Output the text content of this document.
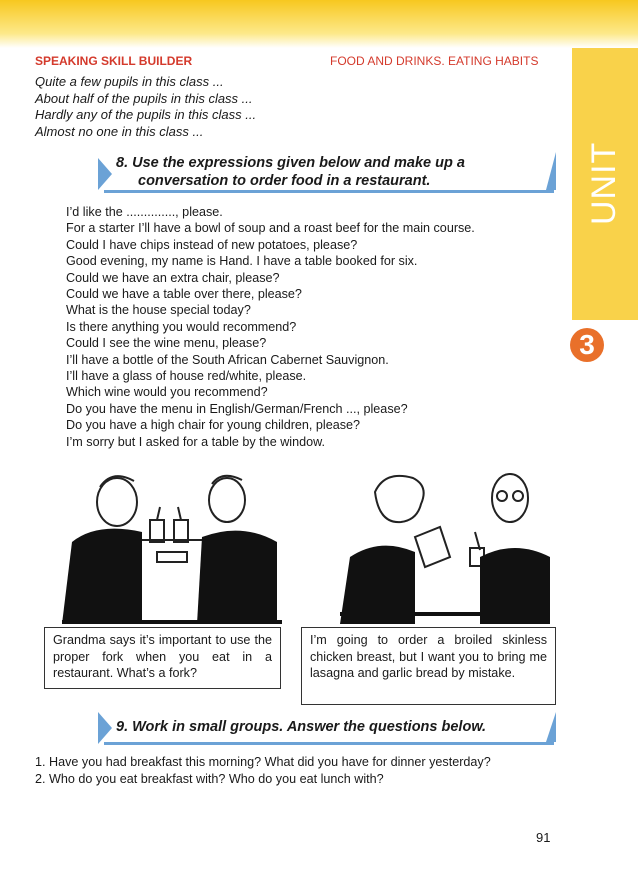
UNIT
3
SPEAKING SKILL BUILDER	FOOD AND DRINKS. EATING HABITS
Quite a few pupils in this class ...
About half of the pupils in this class ...
Hardly any of the pupils in this class ...
Almost no one in this class ...
8. Use the expressions given below and make up a
conversation to order food in a restaurant.
I’d like the .............., please.
For a starter I’ll have a bowl of soup and a roast beef for the main course.
Could I have chips instead of new potatoes, please?
Good evening, my name is Hand. I have a table booked for six.
Could we have an extra chair, please?
Could we have a table over there, please?
What is the house special today?
Is there anything you would recommend?
Could I see the wine menu, please?
I’ll have a bottle of the South African Cabernet Sauvignon.
I’ll have a glass of house red/white, please.
Which wine would you recommend?
Do you have the menu in English/German/French ..., please?
Do you have a high chair for young children, please?
I’m sorry but I asked for a table by the window.
Grandma says it’s important to use the proper fork when you eat in a restaurant. What’s a fork?
I’m going to order a broiled skinless chicken breast, but I want you to bring me lasagna and garlic bread by mistake.
9. Work in small groups. Answer the questions below.

1. Have you had breakfast this morning? What did you have for dinner yesterday?

2. Who do you eat breakfast with? Who do you eat lunch with?

91
